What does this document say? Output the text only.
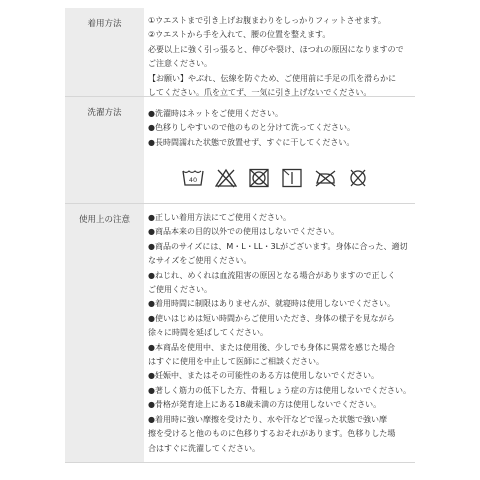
着用方法	①ウエストまで引き上げお腹まわりをしっかりフィットさせます。

②ウエストから手を入れて、腰の位置を整えます。

必要以上に強く引っ張ると、伸びや裂け、ほつれの原因になりますので

ご注意ください。

【お願い】やぶれ、伝線を防ぐため、ご使用前に手足の爪を滑らかに

してください。爪を立てず、一気に引き上げないでください。

洗濯方法	●洗濯時はネットをご使用ください。

●色移りしやすいので他のものと分けて洗ってください。

●長時間濡れた状態で放置せず、すぐに干してください。

40
使用上の注意	●正しい着用方法にてご使用ください。

●商品本来の目的以外での使用はしないでください。

●商品のサイズには、M・L・LL・3Lがございます。身体に合った、適切

なサイズをご使用ください。

●ねじれ、めくれは血流阻害の原因となる場合がありますので正しく

ご使用ください。

●着用時間に制限はありませんが、就寝時は使用しないでください。

●使いはじめは短い時間からご使用いただき、身体の様子を見ながら

徐々に時間を延ばしてください。

●本商品を使用中、または使用後、少しでも身体に異常を感じた場合

はすぐに使用を中止して医師にご相談ください。

●妊娠中、またはその可能性のある方は使用しないでください。

●著しく筋力の低下した方、骨粗しょう症の方は使用しないでください。

●骨格が発育途上にある18歳未満の方は使用しないでください。

●着用時に強い摩擦を受けたり、水や汗などで湿った状態で強い摩

擦を受けると他のものに色移りするおそれがあります。色移りした場

合はすぐに洗濯してください。
